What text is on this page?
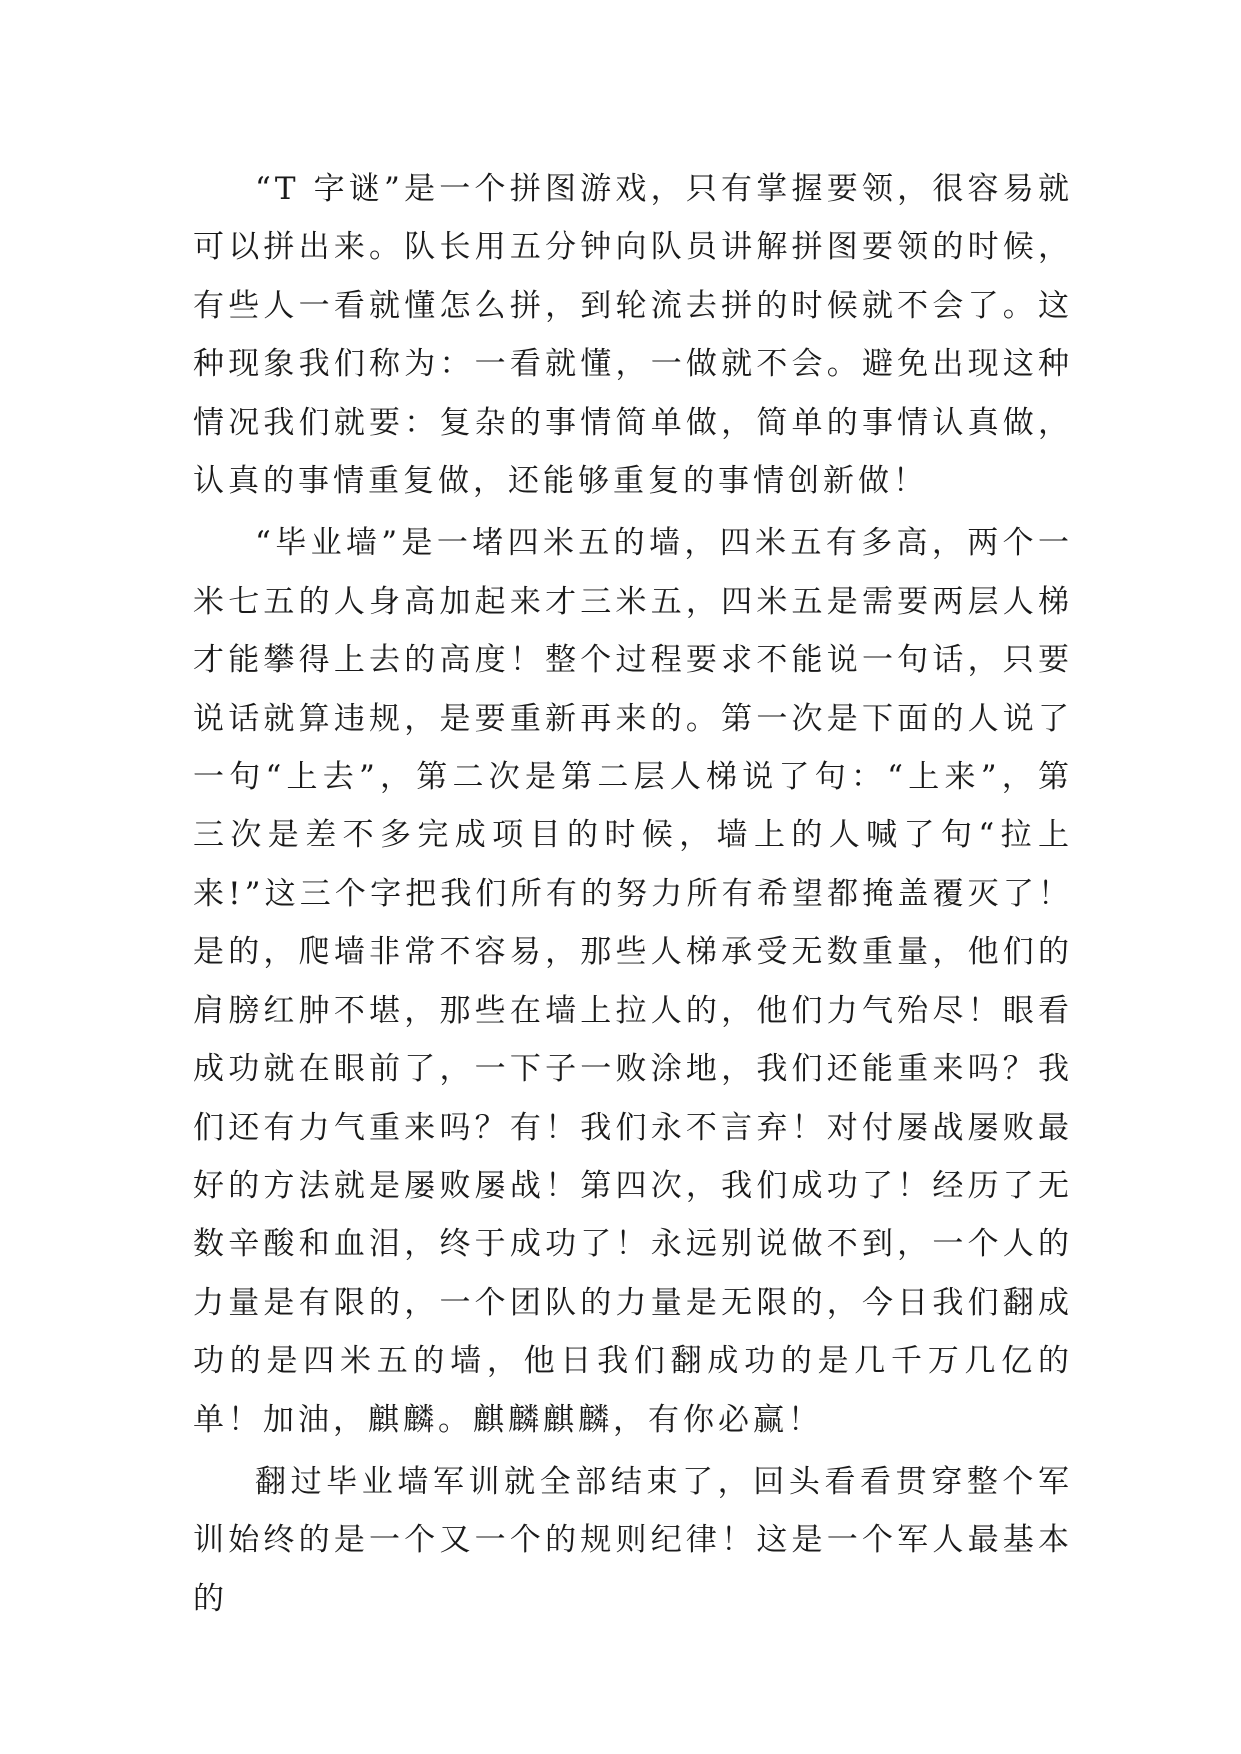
“T 字谜”是一个拼图游戏，只有掌握要领，很容易就可以拼出来。队长用五分钟向队员讲解拼图要领的时候，有些人一看就懂怎么拼，到轮流去拼的时候就不会了。这种现象我们称为：一看就懂，一做就不会。避免出现这种情况我们就要：复杂的事情简单做，简单的事情认真做，认真的事情重复做，还能够重复的事情创新做！

“毕业墙”是一堵四米五的墙，四米五有多高，两个一米七五的人身高加起来才三米五，四米五是需要两层人梯才能攀得上去的高度！整个过程要求不能说一句话，只要说话就算违规，是要重新再来的。第一次是下面的人说了一句“上去”，第二次是第二层人梯说了句：“上来”，第三次是差不多完成项目的时候，墙上的人喊了句“拉上来!”这三个字把我们所有的努力所有希望都掩盖覆灭了！是的，爬墙非常不容易，那些人梯承受无数重量，他们的肩膀红肿不堪，那些在墙上拉人的，他们力气殆尽！眼看成功就在眼前了，一下子一败涂地，我们还能重来吗？我们还有力气重来吗？有！我们永不言弃！对付屡战屡败最好的方法就是屡败屡战！第四次，我们成功了！经历了无数辛酸和血泪，终于成功了！永远别说做不到，一个人的力量是有限的，一个团队的力量是无限的，今日我们翻成功的是四米五的墙，他日我们翻成功的是几千万几亿的单！加油，麒麟。麒麟麒麟，有你必赢！

翻过毕业墙军训就全部结束了，回头看看贯穿整个军训始终的是一个又一个的规则纪律！这是一个军人最基本的
